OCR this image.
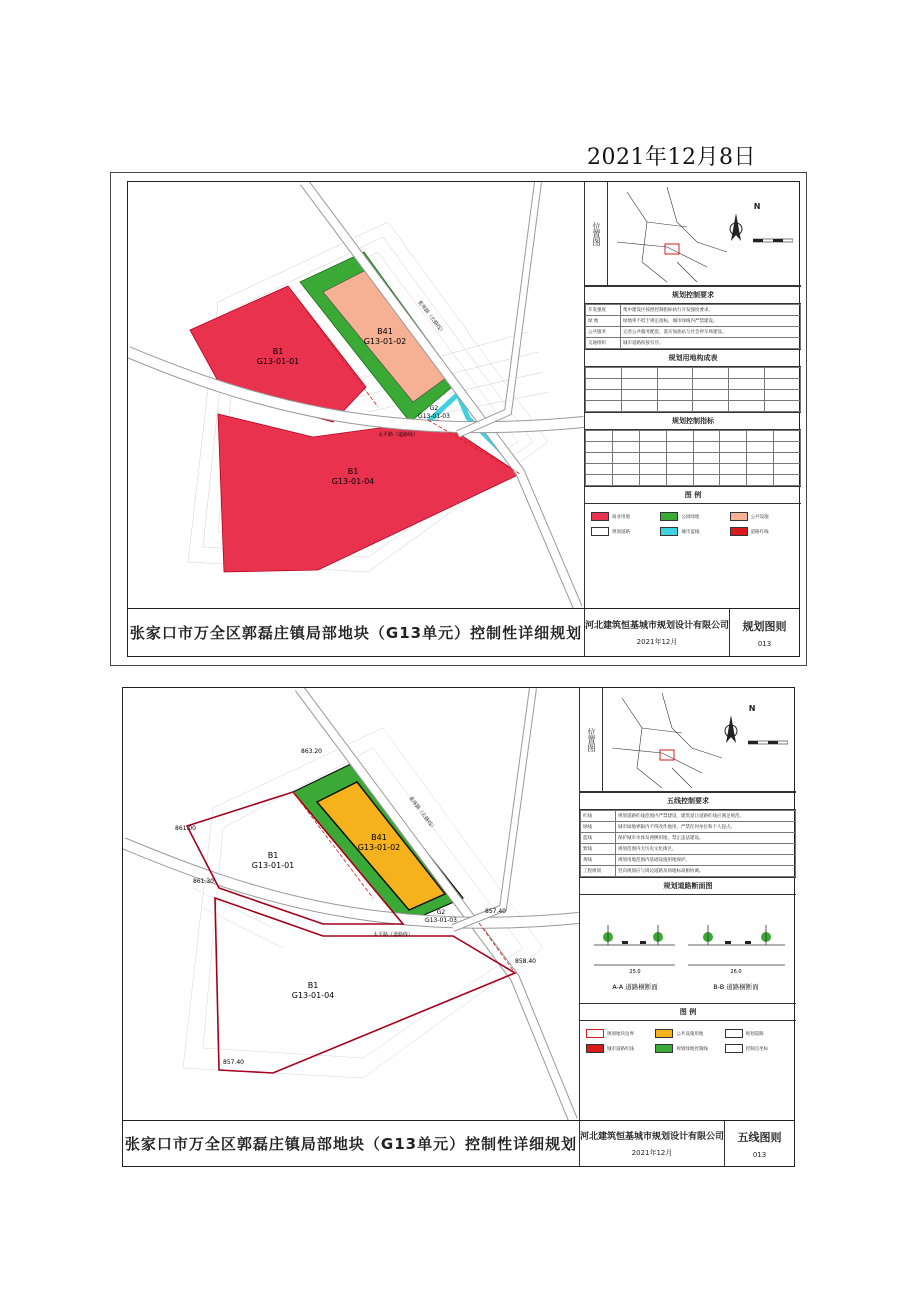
2021年12月8日
B1
G13-01-01
B41
G13-01-02
G2
G13-01-03
B1
G13-01-04
张库路（公路线）
太平路（道路线）
位置图
N

规划控制要求
开发强度	集中建设区按照控制指标执行开发强度要求。
绿 地	绿地率不低于规定指标，城市绿线内严禁建设。
公共服务	完善公共服务配套，落实加油站与社会停车场建设。
交通组织	城市道路衔接有序。
规划用地构成表

规划控制指标

图 例
商业用地	公园绿地	公共设施
规划道路	城市蓝线	道路红线
张家口市万全区郭磊庄镇局部地块（G13单元）控制性详细规划 河北建筑恒基城市规划设计有限公司
2021年12月
规划图则
013
B1
G13-01-01
B41
G13-01-02
G2
G13-01-03
B1
G13-01-04
张库路（公路线）
太平路（道路线）
863.20
861.00
861.30
857.40
858.40
857.40
位置图
N

五线控制要求
红线	规划道路红线范围内严禁建设，建筑退让道路红线应满足规范。
绿线	城市绿地界限内不得改作他用，严禁任何单位和个人侵占。
蓝线	保护城市水体及两侧用地，禁止违法建设。
紫线	规划范围内无历史文化街区。
黄线	规划用地范围内基础设施用地保护。
工程规划	竖向规划应与周边道路及场地标高相协调。
规划道路断面图
25.0	26.0
A-A 道路横断面	B-B 道路横断面
图 例
规划地块边界	公共设施用地	规划道路
城市道路红线	规划绿地控制线	控制点坐标
张家口市万全区郭磊庄镇局部地块（G13单元）控制性详细规划 河北建筑恒基城市规划设计有限公司
2021年12月
五线图则
013
